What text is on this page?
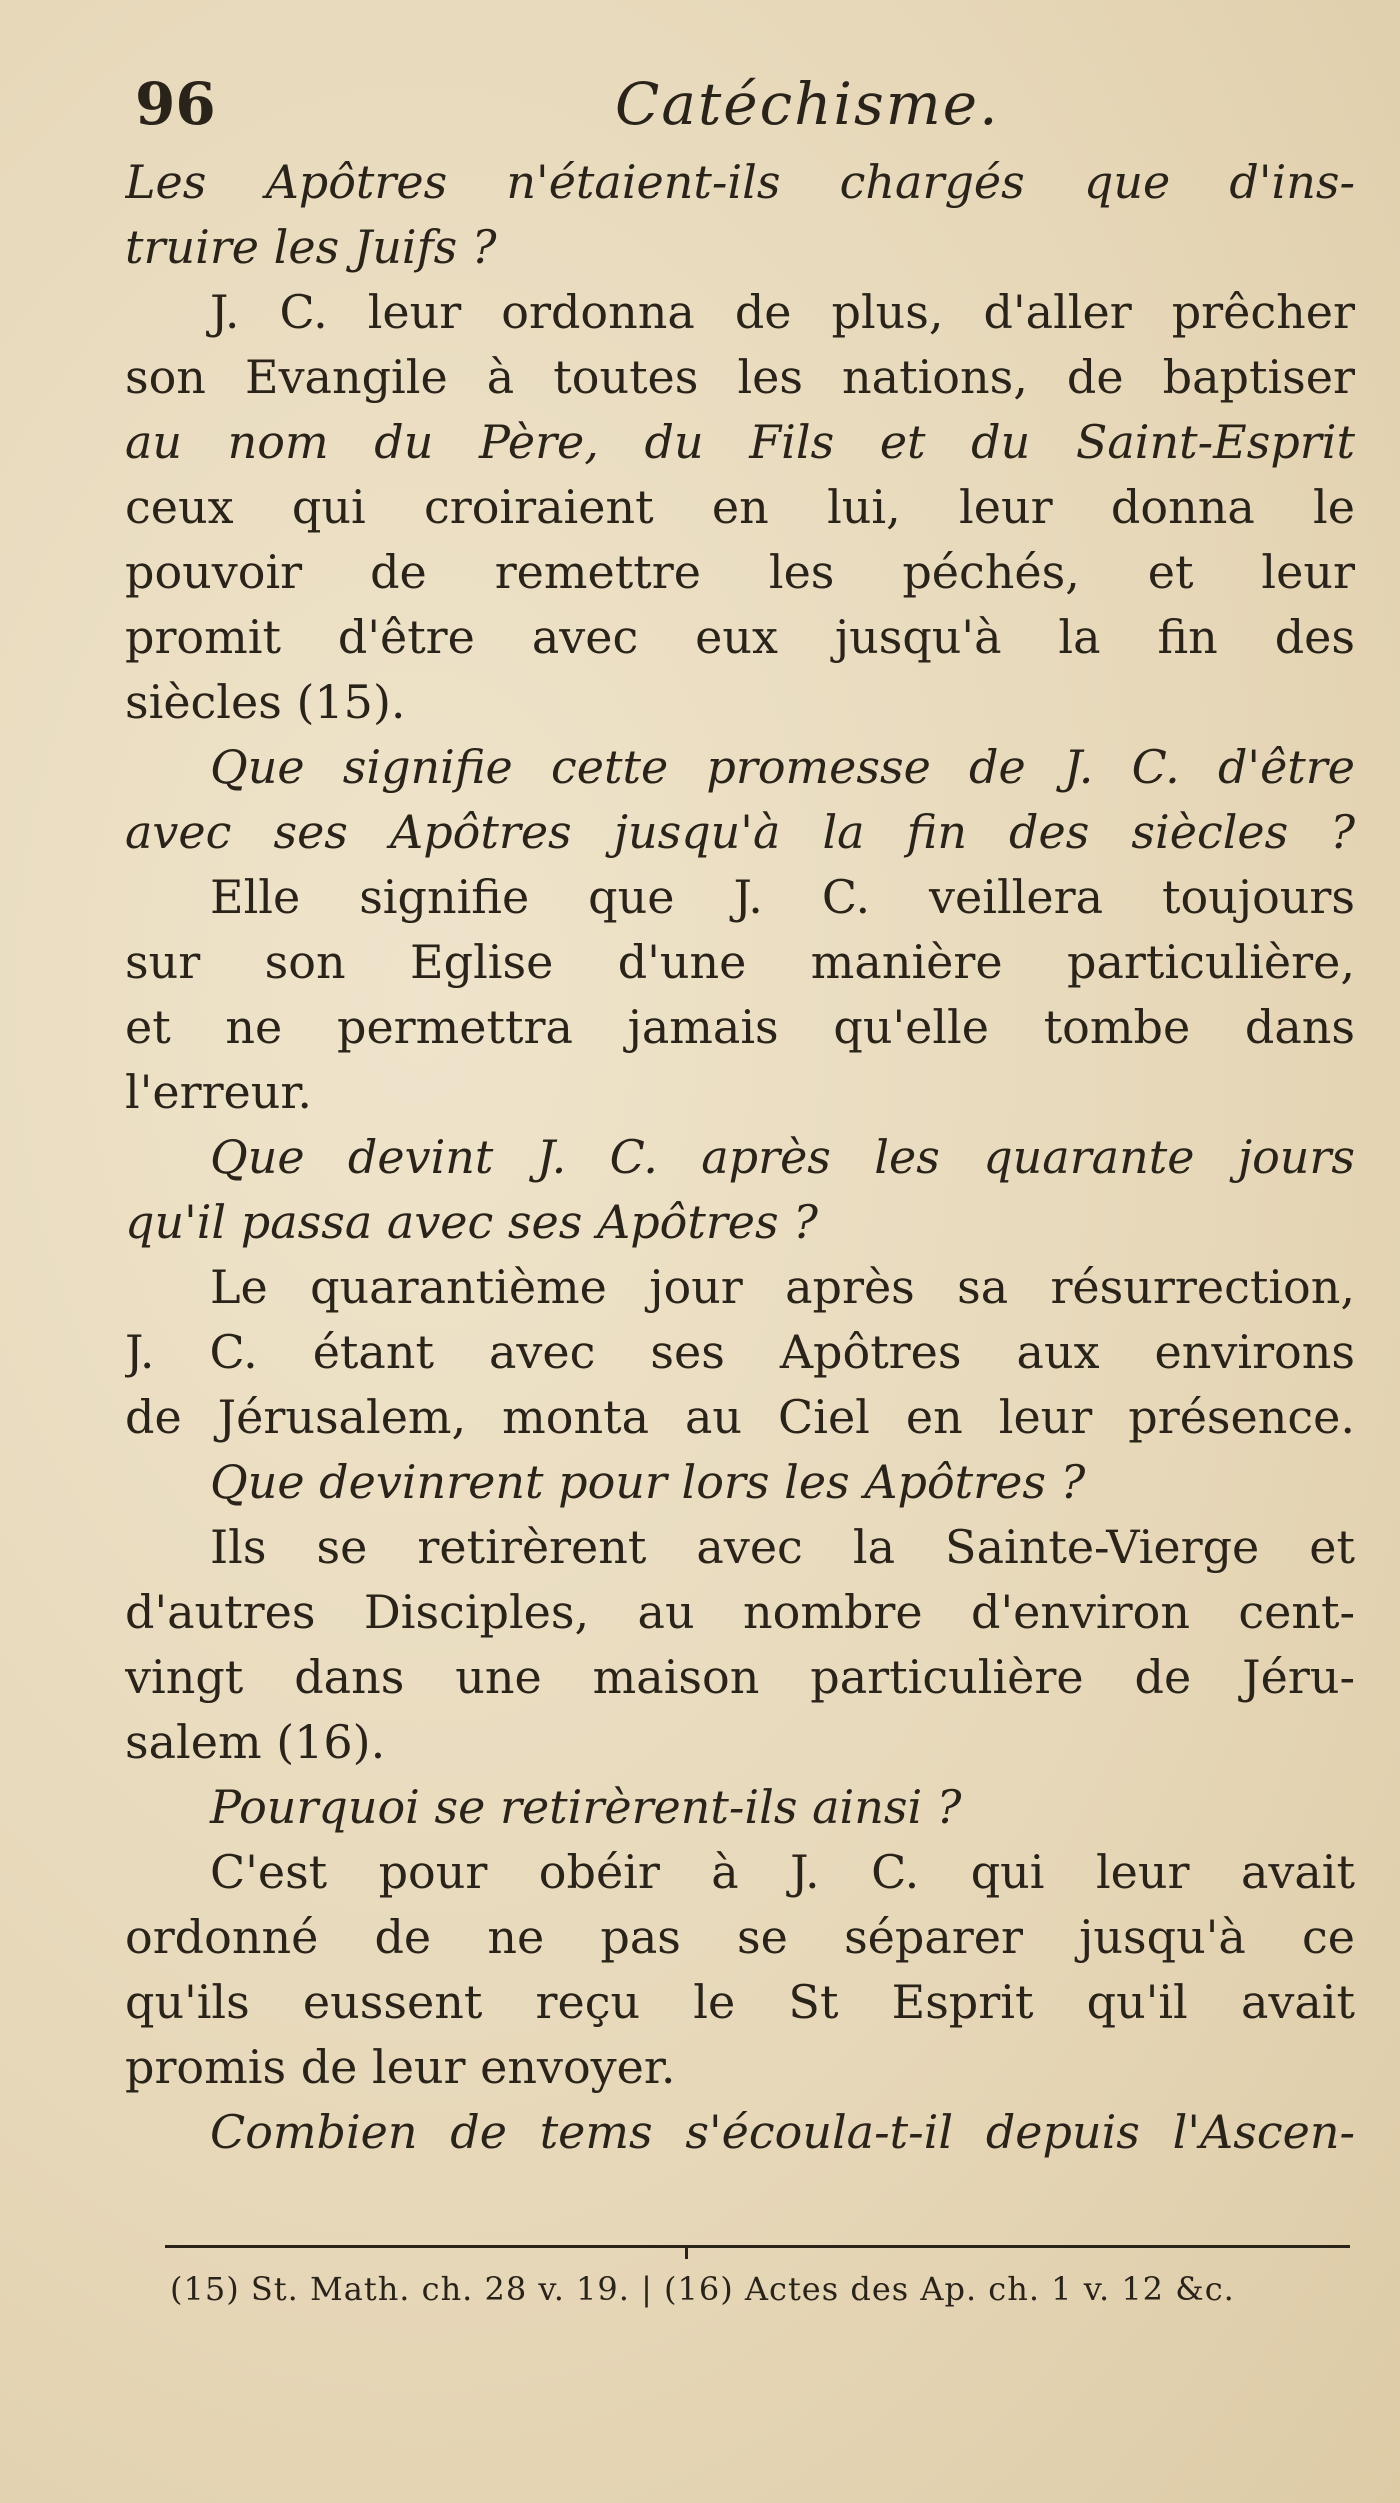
96	Catéchisme.
Les Apôtres n'étaient-ils chargés que d'ins-
truire les Juifs ?
J. C. leur ordonna de plus, d'aller prêcher
son Evangile à toutes les nations, de baptiser
au nom du Père, du Fils et du Saint-Esprit
ceux qui croiraient en lui, leur donna le
pouvoir de remettre les péchés, et leur
promit d'être avec eux jusqu'à la fin des
siècles (15).
Que signifie cette promesse de J. C. d'être
avec ses Apôtres jusqu'à la fin des siècles ?
Elle signifie que J. C. veillera toujours
sur son Eglise d'une manière particulière,
et ne permettra jamais qu'elle tombe dans
l'erreur.
Que devint J. C. après les quarante jours
qu'il passa avec ses Apôtres ?
Le quarantième jour après sa résurrection,
J. C. étant avec ses Apôtres aux environs
de Jérusalem, monta au Ciel en leur présence.
Que devinrent pour lors les Apôtres ?
Ils se retirèrent avec la Sainte-Vierge et
d'autres Disciples, au nombre d'environ cent-
vingt dans une maison particulière de Jéru-
salem (16).
Pourquoi se retirèrent-ils ainsi ?
C'est pour obéir à J. C. qui leur avait
ordonné de ne pas se séparer jusqu'à ce
qu'ils eussent reçu le St Esprit qu'il avait
promis de leur envoyer.
Combien de tems s'écoula-t-il depuis l'Ascen-
(15) St. Math. ch. 28 v. 19. | (16) Actes des Ap. ch. 1 v. 12 &c.
